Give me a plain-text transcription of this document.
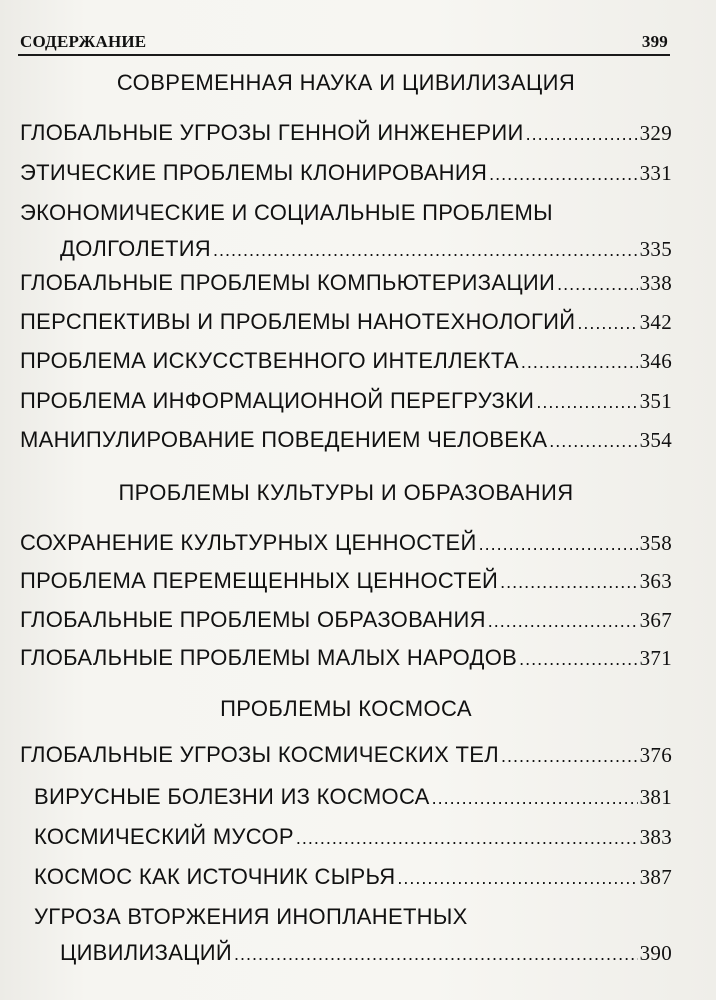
СОДЕРЖАНИЕ	399
СОВРЕМЕННАЯ НАУКА И ЦИВИЛИЗАЦИЯ
ГЛОБАЛЬНЫЕ УГРОЗЫ ГЕННОЙ ИНЖЕНЕРИИ .....	329
ЭТИЧЕСКИЕ ПРОБЛЕМЫ КЛОНИРОВАНИЯ .....	331
ЭКОНОМИЧЕСКИЕ И СОЦИАЛЬНЫЕ ПРОБЛЕМЫ
ДОЛГОЛЕТИЯ .....	335
ГЛОБАЛЬНЫЕ ПРОБЛЕМЫ КОМПЬЮТЕРИЗАЦИИ .....	338
ПЕРСПЕКТИВЫ И ПРОБЛЕМЫ НАНОТЕХНОЛОГИЙ .....	342
ПРОБЛЕМА ИСКУССТВЕННОГО ИНТЕЛЛЕКТА .....	346
ПРОБЛЕМА ИНФОРМАЦИОННОЙ ПЕРЕГРУЗКИ .....	351
МАНИПУЛИРОВАНИЕ ПОВЕДЕНИЕМ ЧЕЛОВЕКА .....	354
ПРОБЛЕМЫ КУЛЬТУРЫ И ОБРАЗОВАНИЯ
СОХРАНЕНИЕ КУЛЬТУРНЫХ ЦЕННОСТЕЙ .....	358
ПРОБЛЕМА ПЕРЕМЕЩЕННЫХ ЦЕННОСТЕЙ .....	363
ГЛОБАЛЬНЫЕ ПРОБЛЕМЫ ОБРАЗОВАНИЯ .....	367
ГЛОБАЛЬНЫЕ ПРОБЛЕМЫ МАЛЫХ НАРОДОВ .....	371
ПРОБЛЕМЫ КОСМОСА
ГЛОБАЛЬНЫЕ УГРОЗЫ КОСМИЧЕСКИХ ТЕЛ .....	376
ВИРУСНЫЕ БОЛЕЗНИ ИЗ КОСМОСА .....	381
КОСМИЧЕСКИЙ МУСОР .....	383
КОСМОС КАК ИСТОЧНИК СЫРЬЯ .....	387
УГРОЗА ВТОРЖЕНИЯ ИНОПЛАНЕТНЫХ
ЦИВИЛИЗАЦИЙ .....	390
